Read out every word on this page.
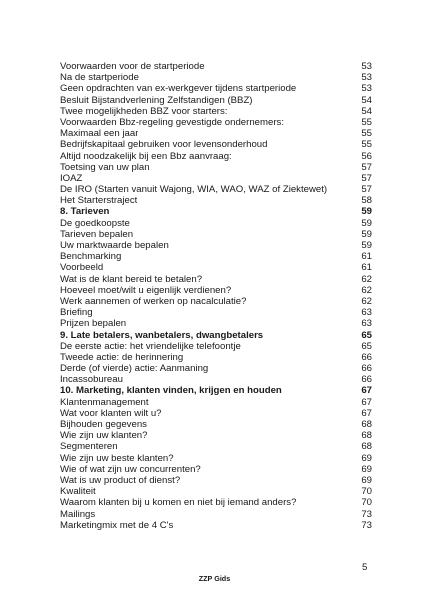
Voorwaarden voor de startperiode	53
Na de startperiode	53
Geen opdrachten van ex-werkgever tijdens startperiode	53
Besluit Bijstandverlening Zelfstandigen (BBZ)	54
Twee mogelijkheden BBZ voor starters:	54
Voorwaarden Bbz-regeling gevestigde ondernemers:	55
Maximaal een jaar	55
Bedrijfskapitaal gebruiken voor levensonderhoud	55
Altijd noodzakelijk bij een Bbz aanvraag:	56
Toetsing van uw plan	57
IOAZ	57
De IRO (Starten vanuit Wajong, WIA, WAO, WAZ of Ziektewet)	57
Het Starterstraject	58
8. Tarieven	59
De goedkoopste	59
Tarieven bepalen	59
Uw marktwaarde bepalen	59
Benchmarking	61
Voorbeeld	61
Wat is de klant bereid te betalen?	62
Hoeveel moet/wilt u eigenlijk verdienen?	62
Werk aannemen of werken op nacalculatie?	62
Briefing	63
Prijzen bepalen	63
9. Late betalers, wanbetalers, dwangbetalers	65
De eerste actie: het vriendelijke telefoontje	65
Tweede actie: de herinnering	66
Derde (of vierde) actie: Aanmaning	66
Incassobureau	66
10. Marketing, klanten vinden, krijgen en houden	67
Klantenmanagement	67
Wat voor klanten wilt u?	67
Bijhouden gegevens	68
Wie zijn uw klanten?	68
Segmenteren	68
Wie zijn uw beste klanten?	69
Wie of wat zijn uw concurrenten?	69
Wat is uw product of dienst?	69
Kwaliteit	70
Waarom klanten bij u komen en niet bij iemand anders?	70
Mailings	73
Marketingmix met de 4 C's	73
5
ZZP Gids
